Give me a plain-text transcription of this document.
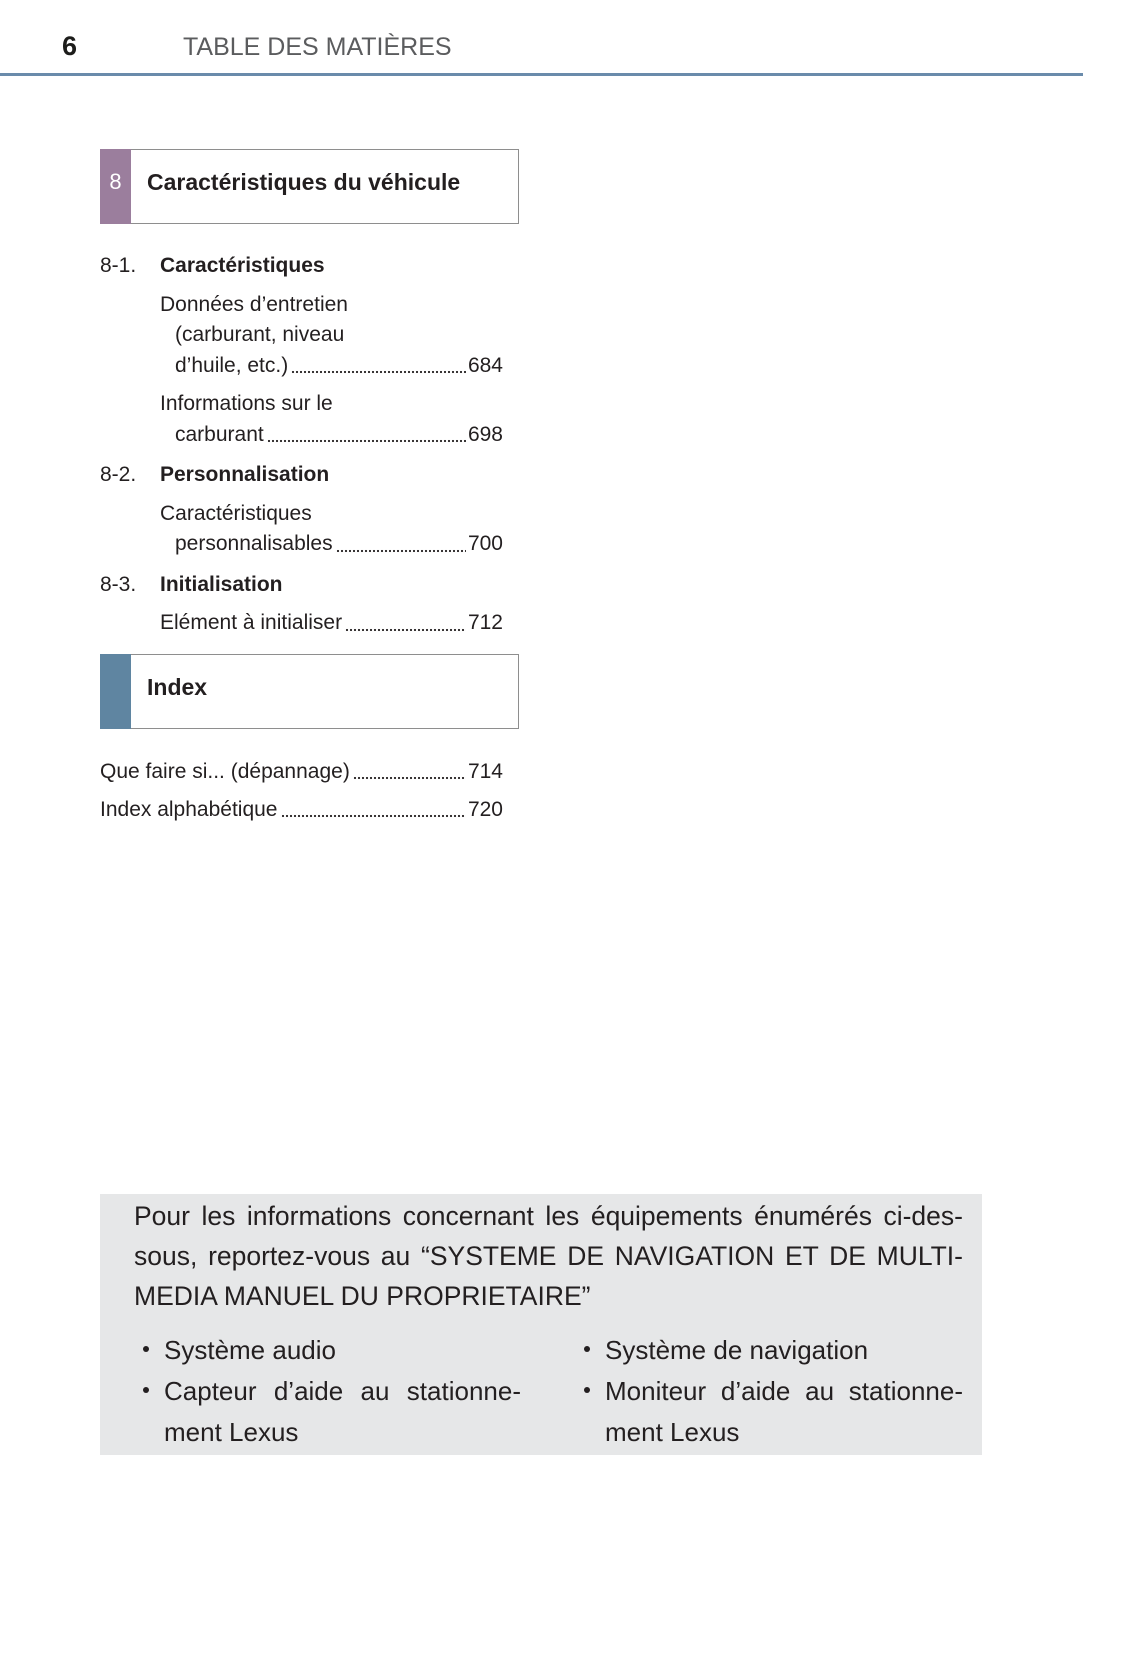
6	TABLE DES MATIÈRES
8	Caractéristiques du véhicule
8-1.	Caractéristiques
Données d’entretien
(carburant, niveau
d’huile, etc.)	684
Informations sur le
carburant	698
8-2.	Personnalisation
Caractéristiques
personnalisables	700
8-3.	Initialisation
Elément à initialiser	712
Index
Que faire si... (dépannage)	714
Index alphabétique	720
Pour les informations concernant les équipements énumérés ci-des-
sous, reportez-vous au “SYSTEME DE NAVIGATION ET DE MULTI-
MEDIA MANUEL DU PROPRIETAIRE”
Système audio
Capteur d’aide au stationne-
ment Lexus
Système de navigation
Moniteur d’aide au stationne-
ment Lexus
